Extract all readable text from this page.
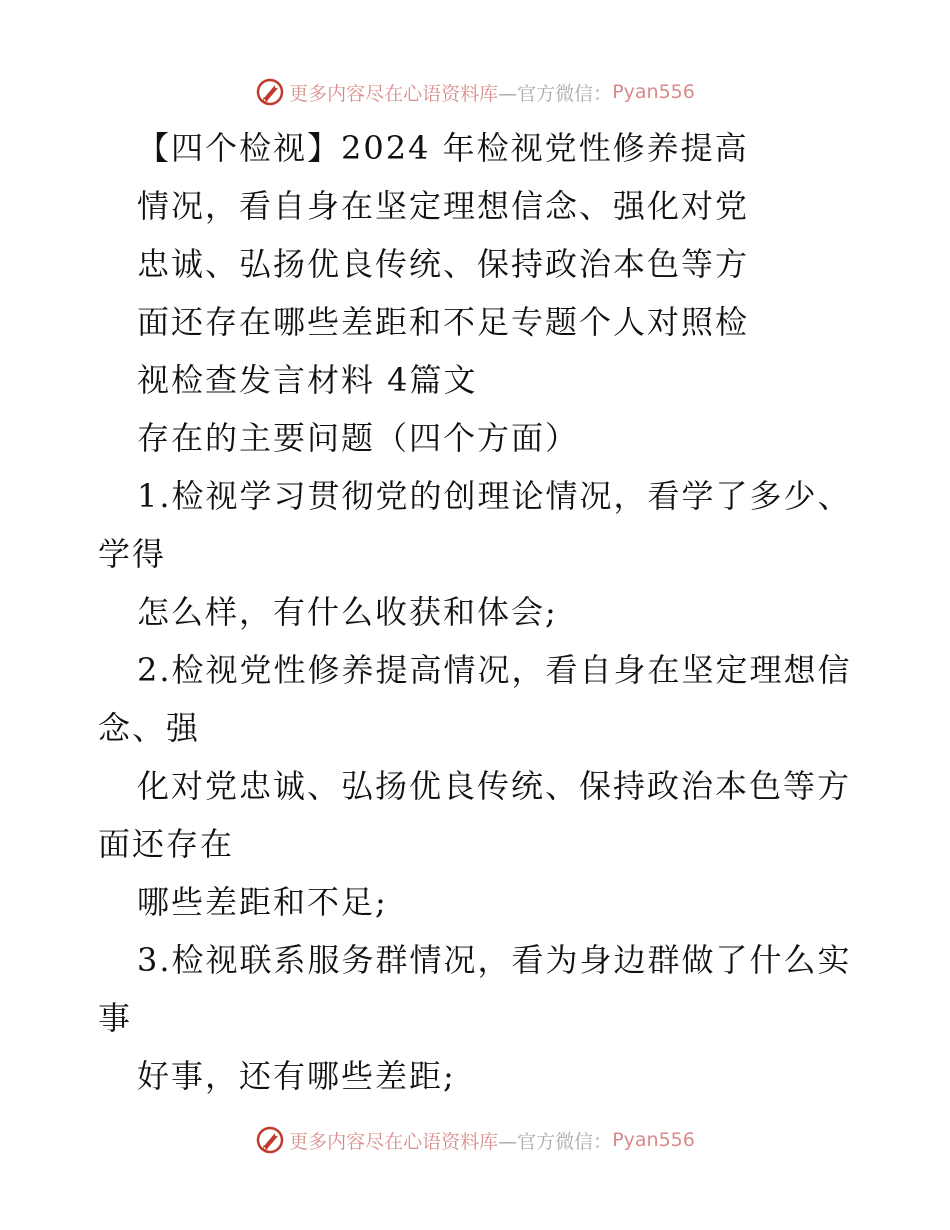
更多内容尽在心语资料库 —官方微信： Pyan556
【四个检视】2024 年检视党性修养提高
情况，看自身在坚定理想信念、强化对党
忠诚、弘扬优良传统、保持政治本色等方
面还存在哪些差距和不足专题个人对照检
视检查发言材料 4篇文
存在的主要问题（四个方面）
1.检视学习贯彻党的创理论情况，看学了多少、
学得
怎么样，有什么收获和体会;
2.检视党性修养提高情况，看自身在坚定理想信
念、强
化对党忠诚、弘扬优良传统、保持政治本色等方
面还存在
哪些差距和不足;
3.检视联系服务群情况，看为身边群做了什么实
事
好事，还有哪些差距;
更多内容尽在心语资料库 —官方微信： Pyan556
